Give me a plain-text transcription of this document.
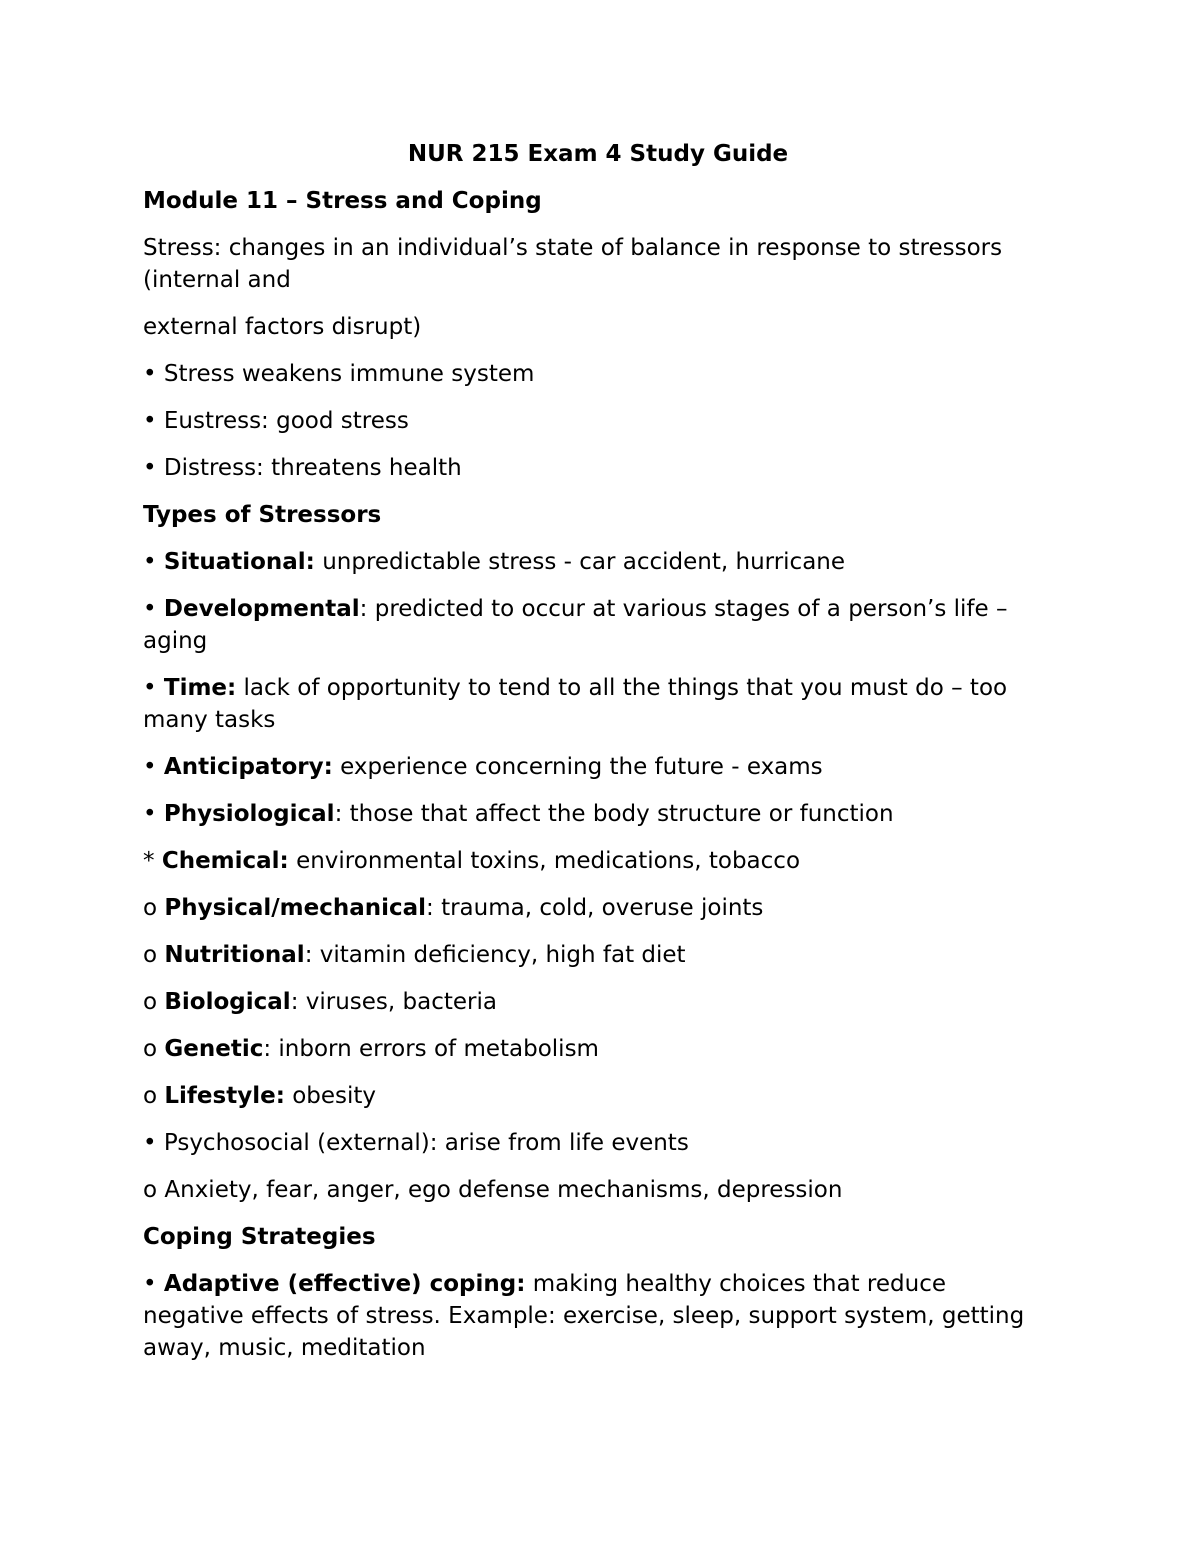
NUR 215 Exam 4 Study Guide
Module 11 – Stress and Coping
Stress: changes in an individual’s state of balance in response to stressors (internal and
external factors disrupt)
• Stress weakens immune system
• Eustress: good stress
• Distress: threatens health
Types of Stressors
• Situational: unpredictable stress - car accident, hurricane
• Developmental: predicted to occur at various stages of a person’s life – aging
• Time: lack of opportunity to tend to all the things that you must do – too many tasks
• Anticipatory: experience concerning the future - exams
• Physiological: those that affect the body structure or function
* Chemical: environmental toxins, medications, tobacco
o Physical/mechanical: trauma, cold, overuse joints
o Nutritional: vitamin deficiency, high fat diet
o Biological: viruses, bacteria
o Genetic: inborn errors of metabolism
o Lifestyle: obesity
• Psychosocial (external): arise from life events
o Anxiety, fear, anger, ego defense mechanisms, depression
Coping Strategies
• Adaptive (effective) coping: making healthy choices that reduce negative effects of stress. Example: exercise, sleep, support system, getting away, music, meditation
